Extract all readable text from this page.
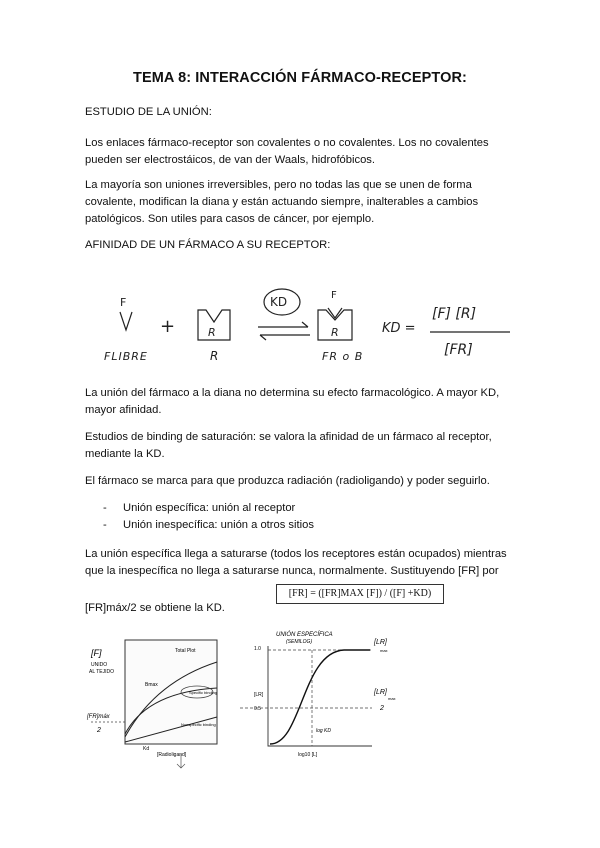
TEMA 8: INTERACCIÓN FÁRMACO-RECEPTOR:

ESTUDIO DE LA UNIÓN:

Los enlaces fármaco-receptor son covalentes o no covalentes. Los no covalentes pueden ser electrostáicos, de van der Waals, hidrofóbicos.

La mayoría son uniones irreversibles, pero no todas las que se unen de forma covalente, modifican la diana y están actuando siempre, inalterables a cambios patológicos. Son utiles para casos de cáncer, por ejemplo.

AFINIDAD DE UN FÁRMACO A SU RECEPTOR:

F
+	R
R
FLIBRE
KD	F
R
FR o B
KD =
[F] [R]
[FR]

La unión del fármaco a la diana no determina su efecto farmacológico. A mayor KD, mayor afinidad.

Estudios de binding de saturación: se valora la afinidad de un fármaco al receptor, mediante la KD.

El fármaco se marca para que produzca radiación (radioligando) y poder seguirlo.

- Unión específica: unión al receptor
- Unión inespecífica: unión a otros sitios

La unión específica llega a saturarse (todos los receptores están ocupados) mientras que la inespecífica no llega a saturarse nunca, normalmente. Sustituyendo [FR] por

[FR] = ([FR]MAX [F]) / ([F] +KD)

[FR]máx/2 se obtiene la KD.

Total Plot
Specific binding
Nonspecific binding
Bmax
Kd
[Radioligand]
[F]
UNIDO
AL TEJIDO
[FR]máx
2
UNIÓN ESPECÍFICA
(SEMILOG)
1.0
0.5
[LR]
log KD
log10 [L]
[LR]
max
[LR]
max
2
